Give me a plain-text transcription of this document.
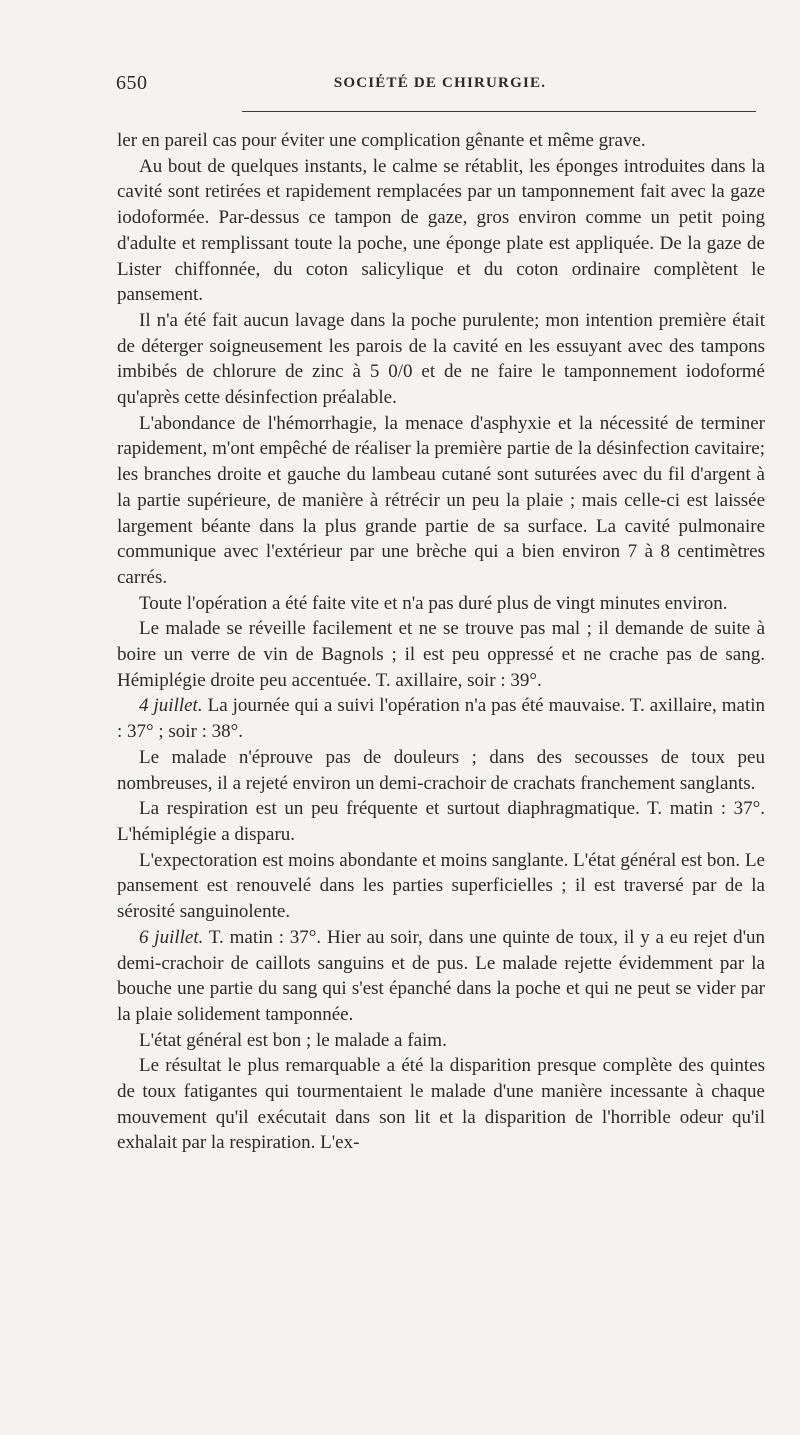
650	SOCIÉTÉ DE CHIRURGIE.

ler en pareil cas pour éviter une complication gênante et même grave.

Au bout de quelques instants, le calme se rétablit, les éponges introduites dans la cavité sont retirées et rapidement remplacées par un tamponnement fait avec la gaze iodoformée. Par-dessus ce tampon de gaze, gros environ comme un petit poing d'adulte et remplissant toute la poche, une éponge plate est appliquée. De la gaze de Lister chiffonnée, du coton salicylique et du coton ordinaire complètent le pansement.

Il n'a été fait aucun lavage dans la poche purulente; mon intention première était de déterger soigneusement les parois de la cavité en les essuyant avec des tampons imbibés de chlorure de zinc à 5 0/0 et de ne faire le tamponnement iodoformé qu'après cette désinfection préalable.

L'abondance de l'hémorrhagie, la menace d'asphyxie et la nécessité de terminer rapidement, m'ont empêché de réaliser la première partie de la désinfection cavitaire; les branches droite et gauche du lambeau cutané sont suturées avec du fil d'argent à la partie supérieure, de manière à rétrécir un peu la plaie ; mais celle-ci est laissée largement béante dans la plus grande partie de sa surface. La cavité pulmonaire communique avec l'extérieur par une brèche qui a bien environ 7 à 8 centimètres carrés.

Toute l'opération a été faite vite et n'a pas duré plus de vingt minutes environ.

Le malade se réveille facilement et ne se trouve pas mal ; il demande de suite à boire un verre de vin de Bagnols ; il est peu oppressé et ne crache pas de sang. Hémiplégie droite peu accentuée. T. axillaire, soir : 39°.

4 juillet. La journée qui a suivi l'opération n'a pas été mauvaise. T. axillaire, matin : 37° ; soir : 38°.

Le malade n'éprouve pas de douleurs ; dans des secousses de toux peu nombreuses, il a rejeté environ un demi-crachoir de crachats franchement sanglants.

La respiration est un peu fréquente et surtout diaphragmatique. T. matin : 37°. L'hémiplégie a disparu.

L'expectoration est moins abondante et moins sanglante. L'état général est bon. Le pansement est renouvelé dans les parties superficielles ; il est traversé par de la sérosité sanguinolente.

6 juillet. T. matin : 37°. Hier au soir, dans une quinte de toux, il y a eu rejet d'un demi-crachoir de caillots sanguins et de pus. Le malade rejette évidemment par la bouche une partie du sang qui s'est épanché dans la poche et qui ne peut se vider par la plaie solidement tamponnée.

L'état général est bon ; le malade a faim.

Le résultat le plus remarquable a été la disparition presque complète des quintes de toux fatigantes qui tourmentaient le malade d'une manière incessante à chaque mouvement qu'il exécutait dans son lit et la disparition de l'horrible odeur qu'il exhalait par la respiration. L'ex-
